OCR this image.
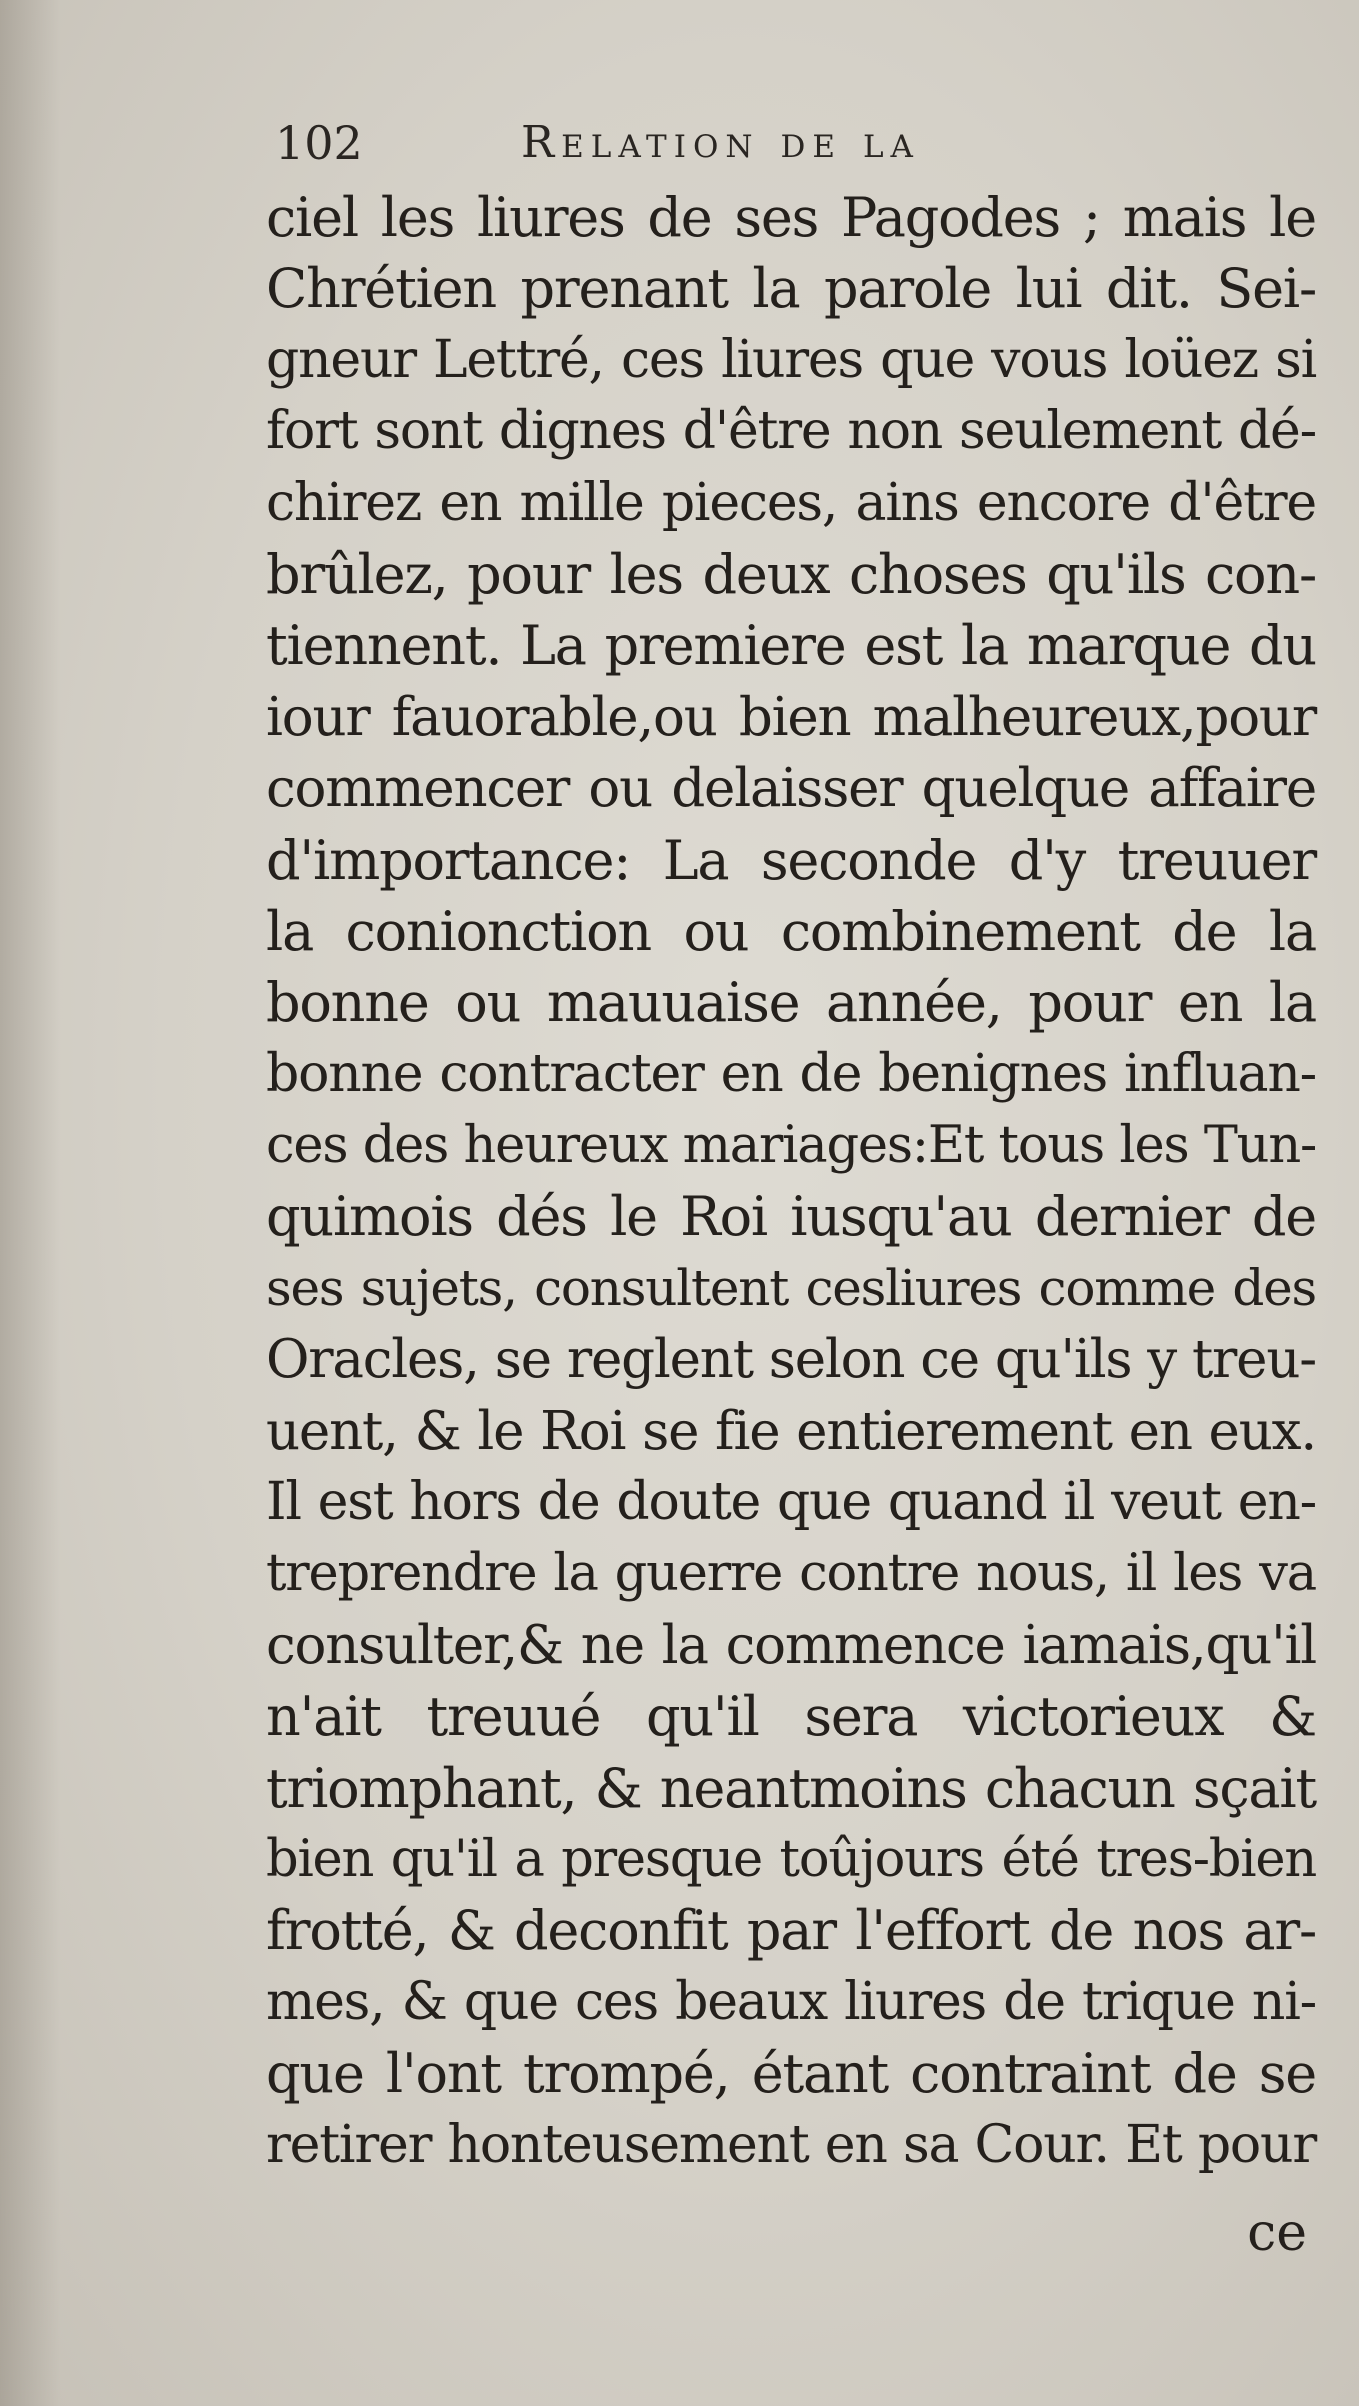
102	Relation de la
ciel les liures de ses Pagodes ; mais le
Chrétien prenant la parole lui dit. Sei-
gneur Lettré, ces liures que vous loüez si
fort sont dignes d'être non seulement dé-
chirez en mille pieces, ains encore d'être
brûlez, pour les deux choses qu'ils con-
tiennent. La premiere est la marque du
iour fauorable,ou bien malheureux,pour
commencer ou delaisser quelque affaire
d'importance: La seconde d'y treuuer
la conionction ou combinement de la
bonne ou mauuaise année, pour en la
bonne contracter en de benignes influan-
ces des heureux mariages:Et tous les Tun-
quimois dés le Roi iusqu'au dernier de
ses sujets, consultent cesliures comme des
Oracles, se reglent selon ce qu'ils y treu-
uent, & le Roi se fie entierement en eux.
Il est hors de doute que quand il veut en-
treprendre la guerre contre nous, il les va
consulter,& ne la commence iamais,qu'il
n'ait treuué qu'il sera victorieux &
triomphant, & neantmoins chacun sçait
bien qu'il a presque toûjours été tres-bien
frotté, & deconfit par l'effort de nos ar-
mes, & que ces beaux liures de trique ni-
que l'ont trompé, étant contraint de se
retirer honteusement en sa Cour. Et pour
ce
